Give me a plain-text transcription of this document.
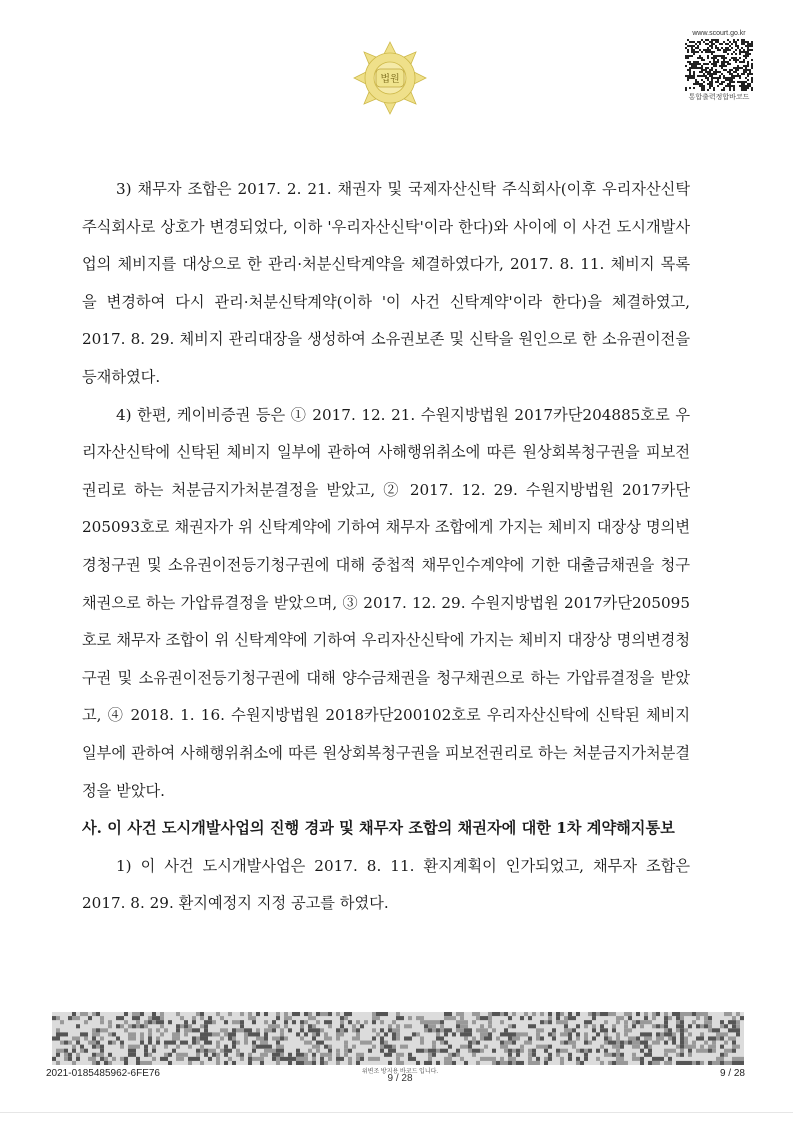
법원
www.scourt.go.kr
통합출력정합바코드

3) 채무자 조합은 2017. 2. 21. 채권자 및 국제자산신탁 주식회사(이후 우리자산신탁 주식회사로 상호가 변경되었다, 이하 '우리자산신탁'이라 한다)와 사이에 이 사건 도시개발사업의 체비지를 대상으로 한 관리·처분신탁계약을 체결하였다가, 2017. 8. 11. 체비지 목록을 변경하여 다시 관리·처분신탁계약(이하 '이 사건 신탁계약'이라 한다)을 체결하였고, 2017. 8. 29. 체비지 관리대장을 생성하여 소유권보존 및 신탁을 원인으로 한 소유권이전을 등재하였다.

4) 한편, 케이비증권 등은 ① 2017. 12. 21. 수원지방법원 2017카단204885호로 우리자산신탁에 신탁된 체비지 일부에 관하여 사해행위취소에 따른 원상회복청구권을 피보전권리로 하는 처분금지가처분결정을 받았고, ② 2017. 12. 29. 수원지방법원 2017카단205093호로 채권자가 위 신탁계약에 기하여 채무자 조합에게 가지는 체비지 대장상 명의변경청구권 및 소유권이전등기청구권에 대해 중첩적 채무인수계약에 기한 대출금채권을 청구채권으로 하는 가압류결정을 받았으며, ③ 2017. 12. 29. 수원지방법원 2017카단205095호로 채무자 조합이 위 신탁계약에 기하여 우리자산신탁에 가지는 체비지 대장상 명의변경청구권 및 소유권이전등기청구권에 대해 양수금채권을 청구채권으로 하는 가압류결정을 받았고, ④ 2018. 1. 16. 수원지방법원 2018카단200102호로 우리자산신탁에 신탁된 체비지 일부에 관하여 사해행위취소에 따른 원상회복청구권을 피보전권리로 하는 처분금지가처분결정을 받았다.

사. 이 사건 도시개발사업의 진행 경과 및 채무자 조합의 채권자에 대한 1차 계약해지통보

1) 이 사건 도시개발사업은 2017. 8. 11. 환지계획이 인가되었고, 채무자 조합은 2017. 8. 29. 환지예정지 지정 공고를 하였다.

2021-0185485962-6FE76	위변조 방지용 바코드 입니다.
9 / 28	9 / 28
